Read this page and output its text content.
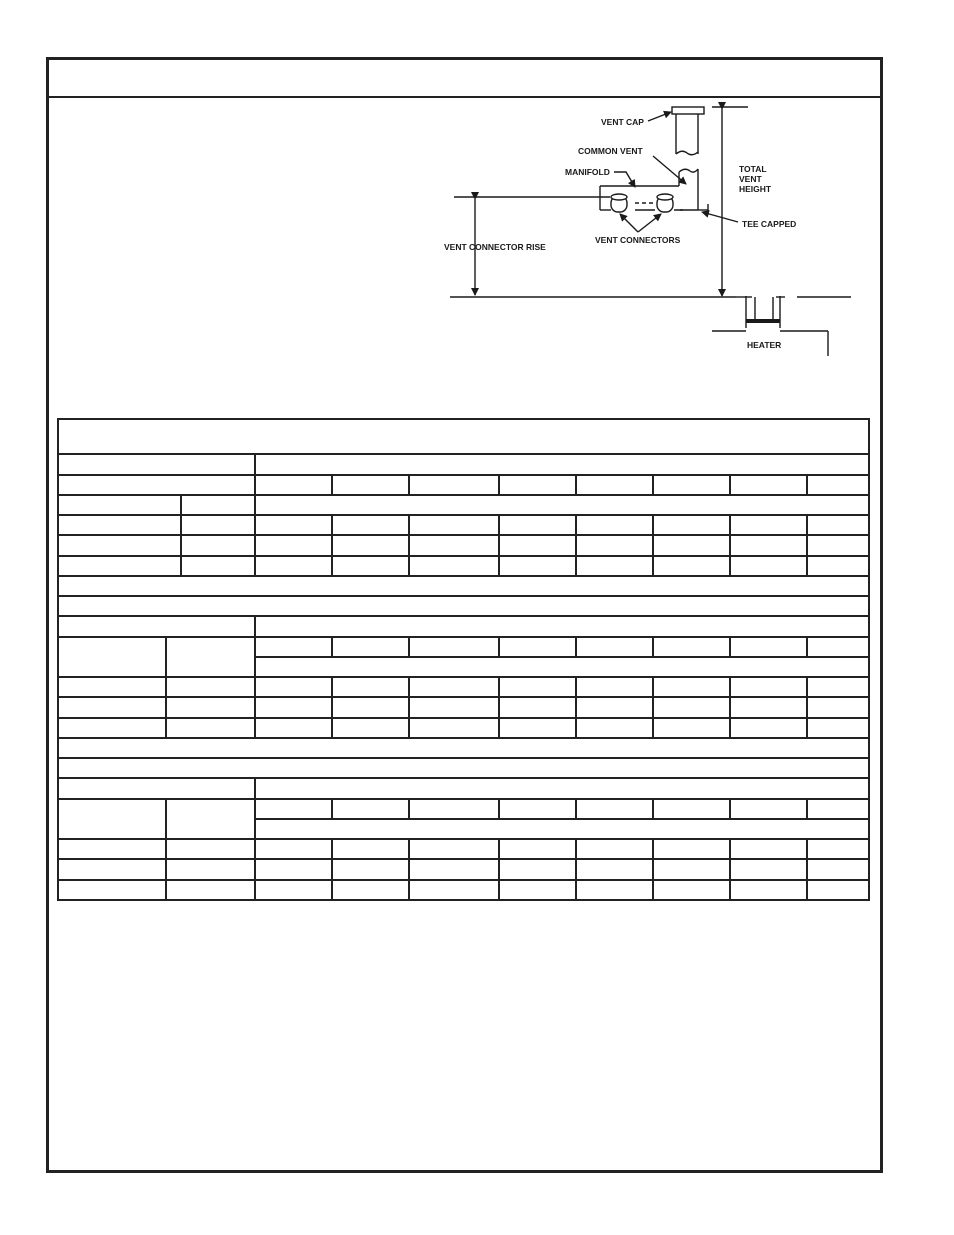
VENT CAP
COMMON VENT
MANIFOLD	TOTAL
VENT
HEIGHT
TEE CAPPED
VENT CONNECTORS
VENT CONNECTOR RISE
HEATER
